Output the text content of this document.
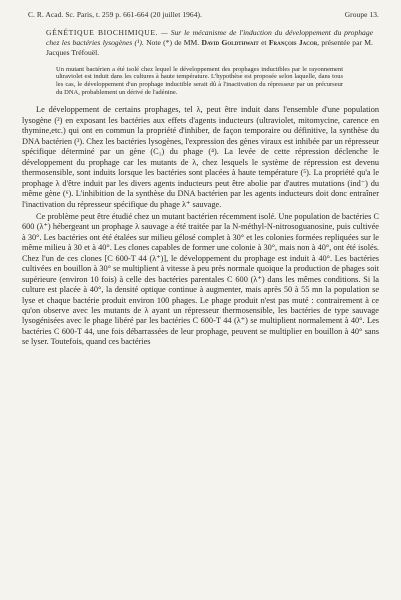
C. R. Acad. Sc. Paris, t. 259 p. 661-664 (20 juillet 1964).	Groupe 13.
GÉNÉTIQUE BIOCHIMIQUE. — Sur le mécanisme de l'induction du développement du prophage chez les bactéries lysogènes (¹). Note (*) de MM. David Goldthwait et François Jacob, présentée par M. Jacques Tréfouël.
Un mutant bactérien a été isolé chez lequel le développement des prophages inductibles par le rayonnement ultraviolet est induit dans les cultures à haute température. L'hypothèse est proposée selon laquelle, dans tous les cas, le développement d'un prophage inductible serait dû à l'inactivation du répresseur par un précurseur du DNA, probablement un dérivé de l'adénine.

Le développement de certains prophages, tel λ, peut être induit dans l'ensemble d'une population lysogène (²) en exposant les bactéries aux effets d'agents inducteurs (ultraviolet, mitomycine, carence en thymine,etc.) qui ont en commun la propriété d'inhiber, de façon temporaire ou définitive, la synthèse du DNA bactérien (³). Chez les bactéries lysogènes, l'expression des gènes viraux est inhibée par un répresseur spécifique déterminé par un gène (C₁) du phage (⁴). La levée de cette répression déclenche le développement du prophage car les mutants de λ, chez lesquels le système de répression est devenu thermosensible, sont induits lorsque les bactéries sont placées à haute température (⁵). La propriété qu'a le prophage λ d'être induit par les divers agents inducteurs peut être abolie par d'autres mutations (ind⁻) du même gène (⁶). L'inhibition de la synthèse du DNA bactérien par les agents inducteurs doit donc entraîner l'inactivation du répresseur spécifique du phage λ⁺ sauvage.

Ce problème peut être étudié chez un mutant bactérien récemment isolé. Une population de bactéries C 600 (λ⁺) hébergeant un prophage λ sauvage a été traitée par la N-méthyl-N-nitrosoguanosine, puis cultivée à 30°. Les bactéries ont été étalées sur milieu gélosé complet à 30° et les colonies formées repliquées sur le même milieu à 30 et à 40°. Les clones capables de former une colonie à 30°, mais non à 40°, ont été isolés. Chez l'un de ces clones [C 600-T 44 (λ⁺)], le développement du prophage est induit à 40°. Les bactéries cultivées en bouillon à 30° se multiplient à vitesse à peu près normale quoique la production de phages soit supérieure (environ 10 fois) à celle des bactéries parentales C 600 (λ⁺) dans les mêmes conditions. Si la culture est placée à 40°, la densité optique continue à augmenter, mais après 50 à 55 mn la population se lyse et chaque bactérie produit environ 100 phages. Le phage produit n'est pas muté : contrairement à ce qu'on observe avec les mutants de λ ayant un répresseur thermosensible, les bactéries de type sauvage lysogénisées avec le phage libéré par les bactéries C 600-T 44 (λ⁺) se multiplient normalement à 40°. Les bactéries C 600-T 44, une fois débarrassées de leur prophage, peuvent se multiplier en bouillon à 40° sans se lyser. Toutefois, quand ces bactéries
